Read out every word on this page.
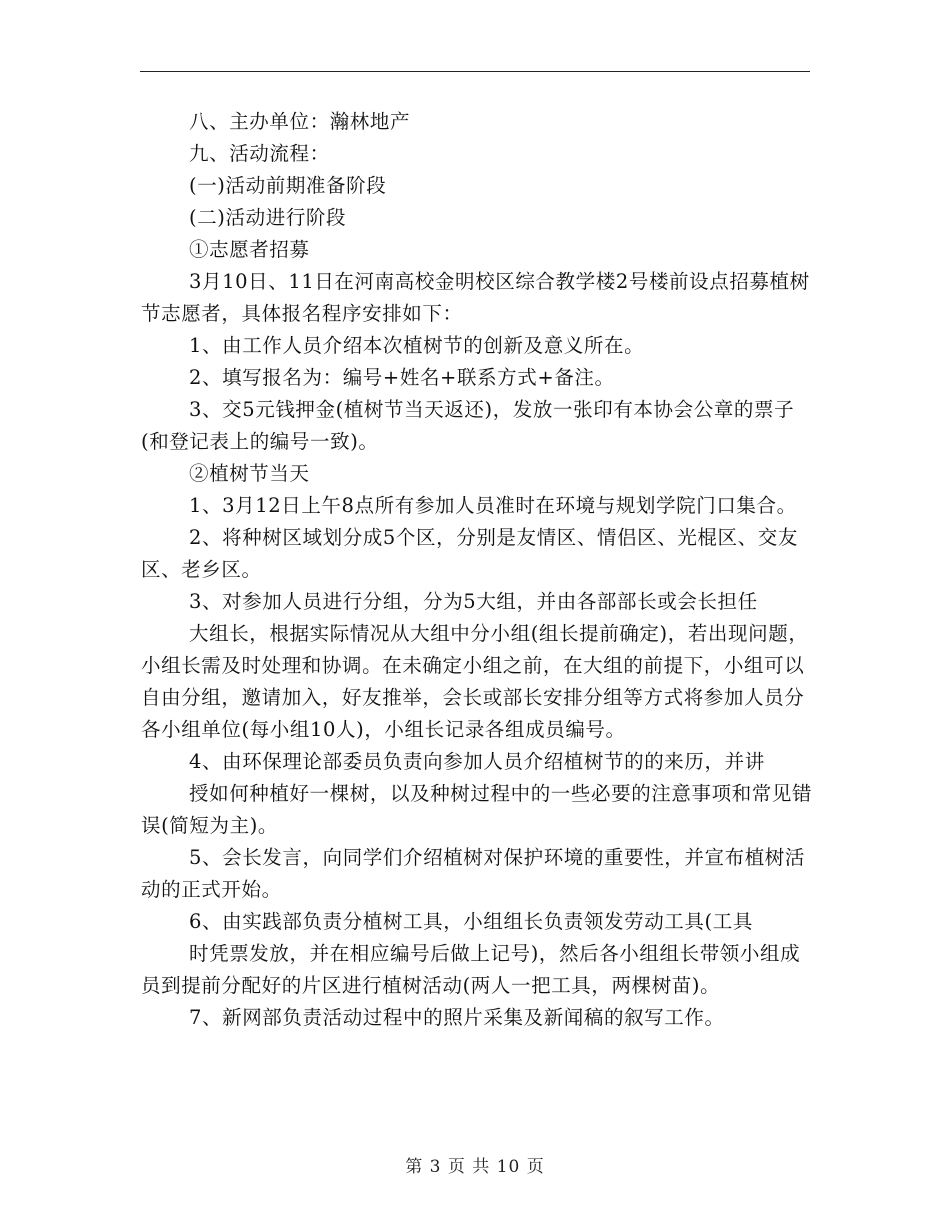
八、主办单位：瀚林地产

九、活动流程：

(一)活动前期准备阶段

(二)活动进行阶段

①志愿者招募

3月10日、11日在河南高校金明校区综合教学楼2号楼前设点招募植树节志愿者，具体报名程序安排如下：

1、由工作人员介绍本次植树节的创新及意义所在。

2、填写报名为：编号+姓名+联系方式+备注。

3、交5元钱押金(植树节当天返还)，发放一张印有本协会公章的票子(和登记表上的编号一致)。

②植树节当天

1、3月12日上午8点所有参加人员准时在环境与规划学院门口集合。

2、将种树区域划分成5个区，分别是友情区、情侣区、光棍区、交友区、老乡区。

3、对参加人员进行分组，分为5大组，并由各部部长或会长担任

大组长，根据实际情况从大组中分小组(组长提前确定)，若出现问题，小组长需及时处理和协调。在未确定小组之前，在大组的前提下，小组可以自由分组，邀请加入，好友推举，会长或部长安排分组等方式将参加人员分各小组单位(每小组10人)，小组长记录各组成员编号。

4、由环保理论部委员负责向参加人员介绍植树节的的来历，并讲

授如何种植好一棵树，以及种树过程中的一些必要的注意事项和常见错误(简短为主)。

5、会长发言，向同学们介绍植树对保护环境的重要性，并宣布植树活动的正式开始。

6、由实践部负责分植树工具，小组组长负责领发劳动工具(工具

时凭票发放，并在相应编号后做上记号)，然后各小组组长带领小组成员到提前分配好的片区进行植树活动(两人一把工具，两棵树苗)。

7、新网部负责活动过程中的照片采集及新闻稿的叙写工作。

第 3 页 共 10 页
